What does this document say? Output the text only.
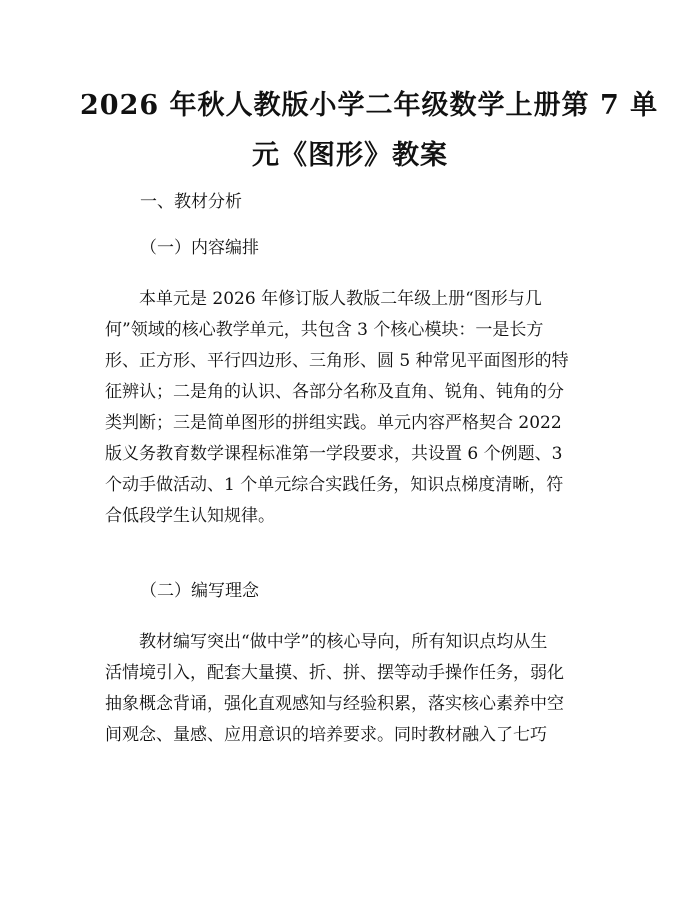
2026 年秋人教版小学二年级数学上册第 7 单
元《图形》教案
一、教材分析
（一）内容编排
本单元是 2026 年修订版人教版二年级上册“图形与几
何”领域的核心教学单元，共包含 3 个核心模块：一是长方
形、正方形、平行四边形、三角形、圆 5 种常见平面图形的特
征辨认；二是角的认识、各部分名称及直角、锐角、钝角的分
类判断；三是简单图形的拼组实践。单元内容严格契合 2022
版义务教育数学课程标准第一学段要求，共设置 6 个例题、3
个动手做活动、1 个单元综合实践任务，知识点梯度清晰，符
合低段学生认知规律。
（二）编写理念
教材编写突出“做中学”的核心导向，所有知识点均从生
活情境引入，配套大量摸、折、拼、摆等动手操作任务，弱化
抽象概念背诵，强化直观感知与经验积累，落实核心素养中空
间观念、量感、应用意识的培养要求。同时教材融入了七巧
